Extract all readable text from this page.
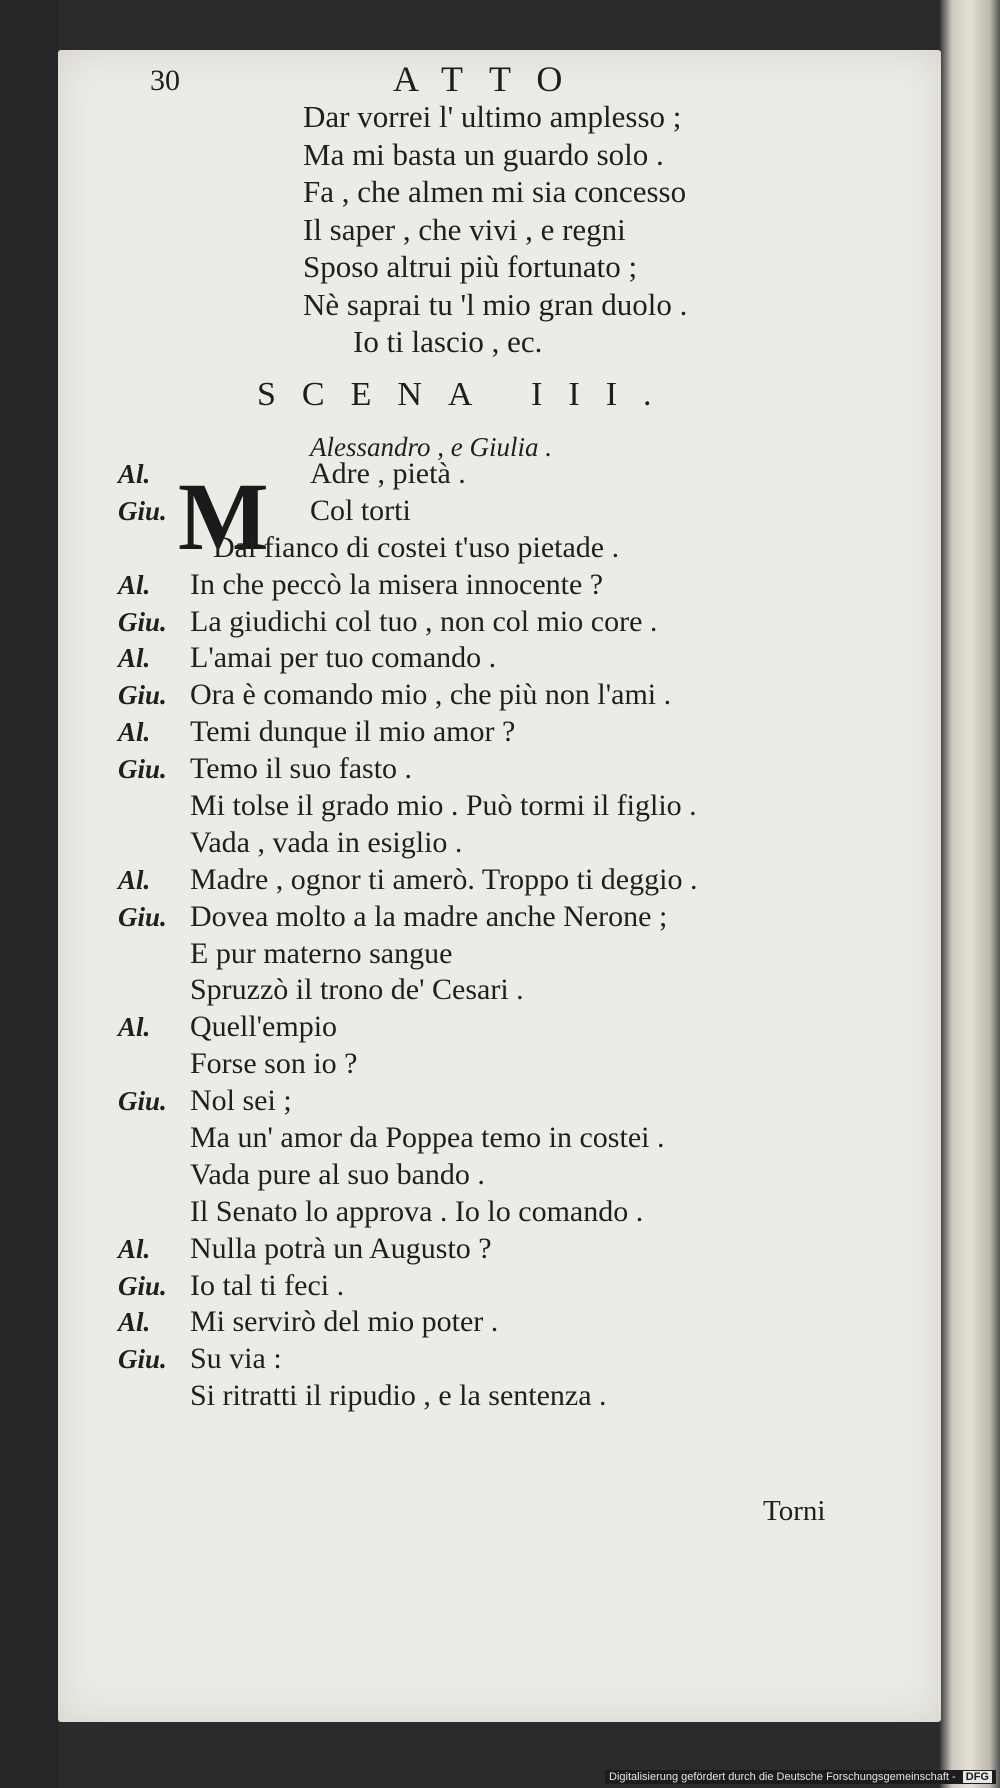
30	ATTO
Dar vorrei l' ultimo amplesso ;
Ma mi basta un guardo solo .
Fa , che almen mi sia concesso
Il saper , che vivi , e regni
Sposo altrui più fortunato ;
Nè saprai tu 'l mio gran duolo .
Io ti lascio , ec.
SCENA III.
Alessandro , e Giulia .
M
Al.	Adre , pietà .
Giu.	Col torti
Dal fianco di costei t'uso pietade .
Al.	In che peccò la misera innocente ?
Giu. La giudichi col tuo , non col mio core .
Al.	L'amai per tuo comando .
Giu. Ora è comando mio , che più non l'ami .
Al.	Temi dunque il mio amor ?
Giu. Temo il suo fasto .
Mi tolse il grado mio . Può tormi il figlio .
Vada , vada in esiglio .
Al.	Madre , ognor ti amerò. Troppo ti deggio .
Giu. Dovea molto a la madre anche Nerone ;
E pur materno sangue
Spruzzò il trono de' Cesari .
Al.	Quell'empio
Forse son io ?
Giu. Nol sei ;
Ma un' amor da Poppea temo in costei .
Vada pure al suo bando .
Il Senato lo approva . Io lo comando .
Al.	Nulla potrà un Augusto ?
Giu. Io tal ti feci .
Al.	Mi servirò del mio poter .
Giu. Su via :
Si ritratti il ripudio , e la sentenza .
Torni
Digitalisierung gefördert durch die Deutsche Forschungsgemeinschaft - DFG
